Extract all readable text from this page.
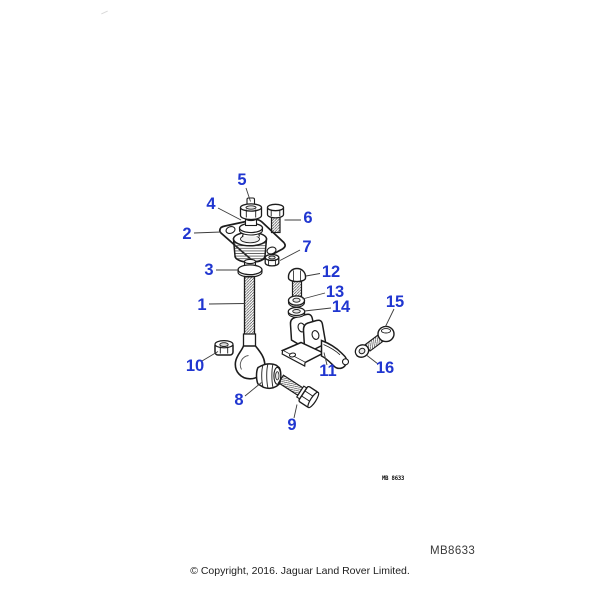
1
2
3
4
5
6
7
8
9
10	11
12
13
14 15
16
MB 8633
MB8633
© Copyright, 2016. Jaguar Land Rover Limited.
